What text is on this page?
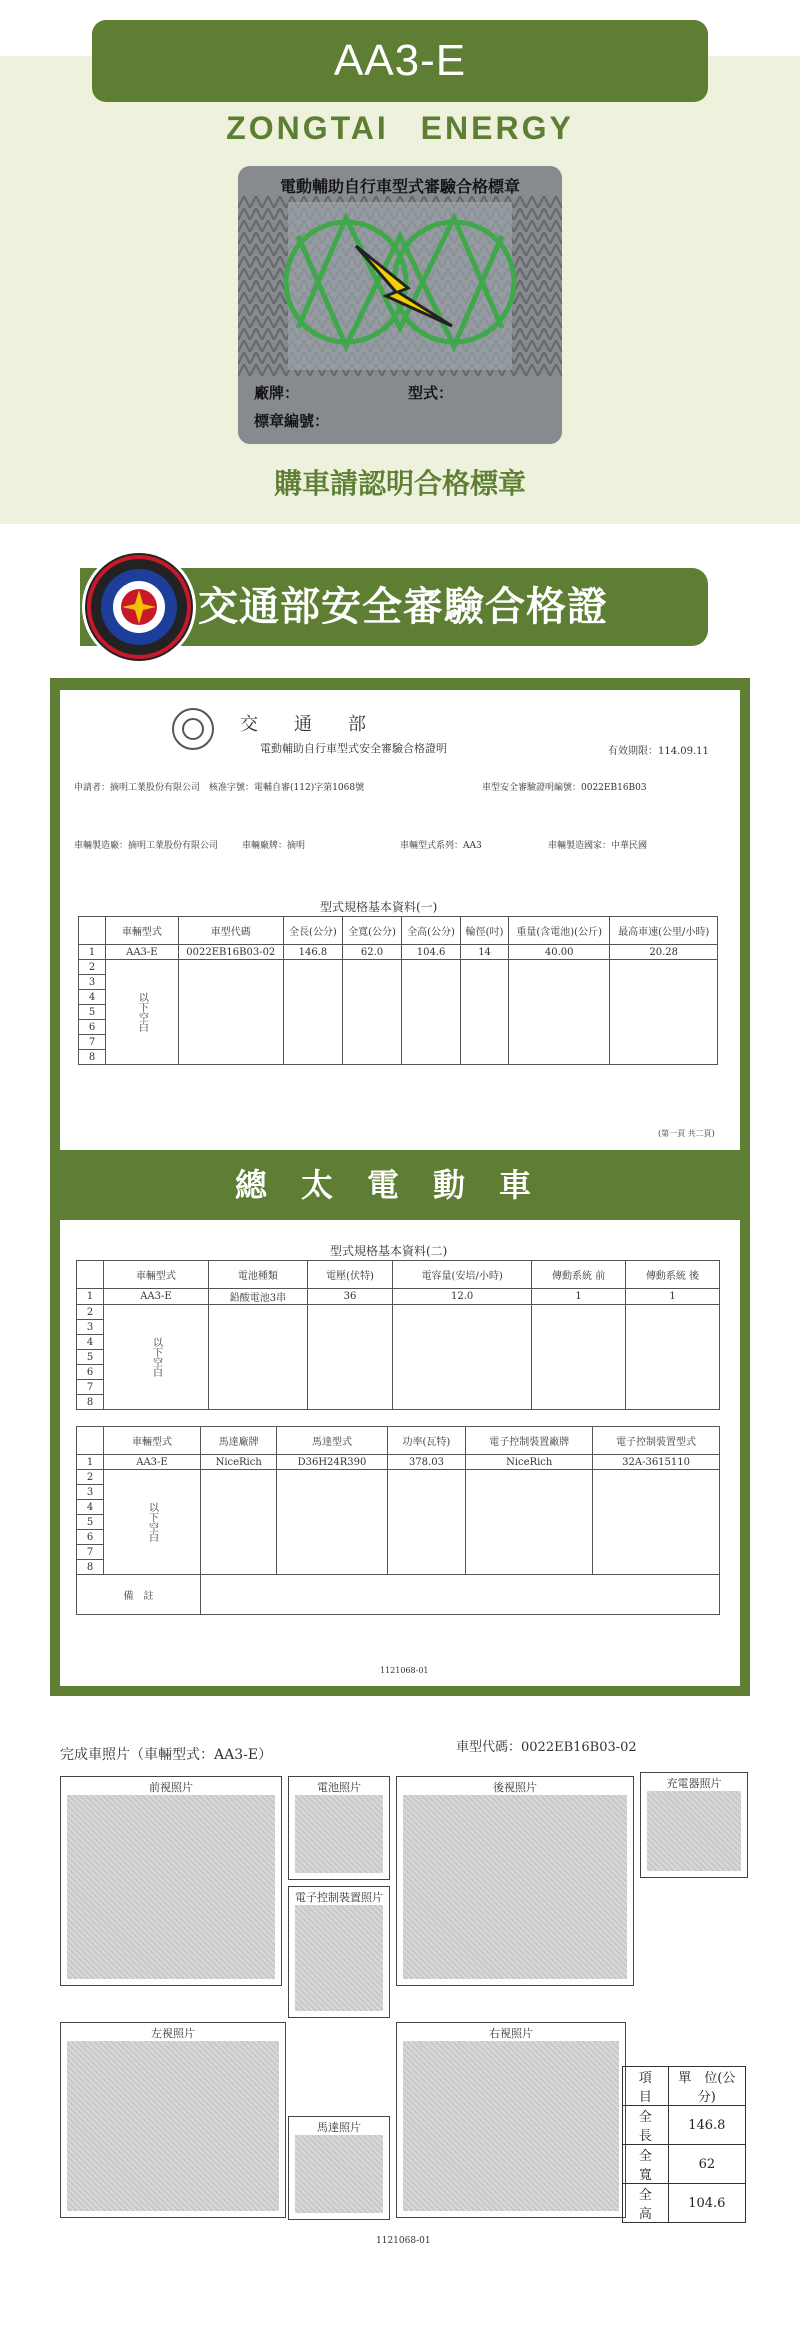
AA3-E
ZONGTAI ENERGY
電動輔助自行車型式審驗合格標章
廠牌：	型式：
標章編號：
購車請認明合格標章
交通部安全審驗合格證
交　　通　　部
電動輔助自行車型式安全審驗合格證明	有效期限：114.09.11
申請者：摘明工業股份有限公司　核准字號：電輔自審(112)字第1068號	車型安全審驗證明編號：0022EB16B03
車輛製造廠：摘明工業股份有限公司	車輛廠牌：摘明	車輛型式系列：AA3	車輛製造國家：中華民國
型式規格基本資料(一)
	車輛型式	車型代碼	全長(公分)	全寬(公分)	全高(公分)	輪徑(吋)	重量(含電池)(公斤)	最高車速(公里/小時)
1	AA3-E	0022EB16B03-02	146.8	62.0	104.6	14	40.00	20.28
2	以下空白							
3								
4								
5								
6								
7								
8								
(第一頁 共二頁)
總太電動車
型式規格基本資料(二)
	車輛型式	電池種類	電壓(伏特)	電容量(安培/小時)	傳動系統 前	傳動系統 後
1	AA3-E	鉛酸電池3串	36	12.0	1	1
2	以下空白					
3						
4						
5						
6						
7						
8						
	車輛型式	馬達廠牌	馬達型式	功率(瓦特)	電子控制裝置廠牌	電子控制裝置型式
1	AA3-E	NiceRich	D36H24R390	378.03	NiceRich	32A-3615110
2	以下空白					
3						
4						
5						
6						
7						
8						
備　註						
1121068-01
完成車照片（車輛型式：AA3-E）	車型代碼：0022EB16B03-02
前視照片	電池照片	後視照片	充電器照片
電子控制裝置照片
左視照片
馬達照片
右視照片
項　目	單　位(公分)
全　長	146.8
全　寬	62
全　高	104.6
1121068-01
